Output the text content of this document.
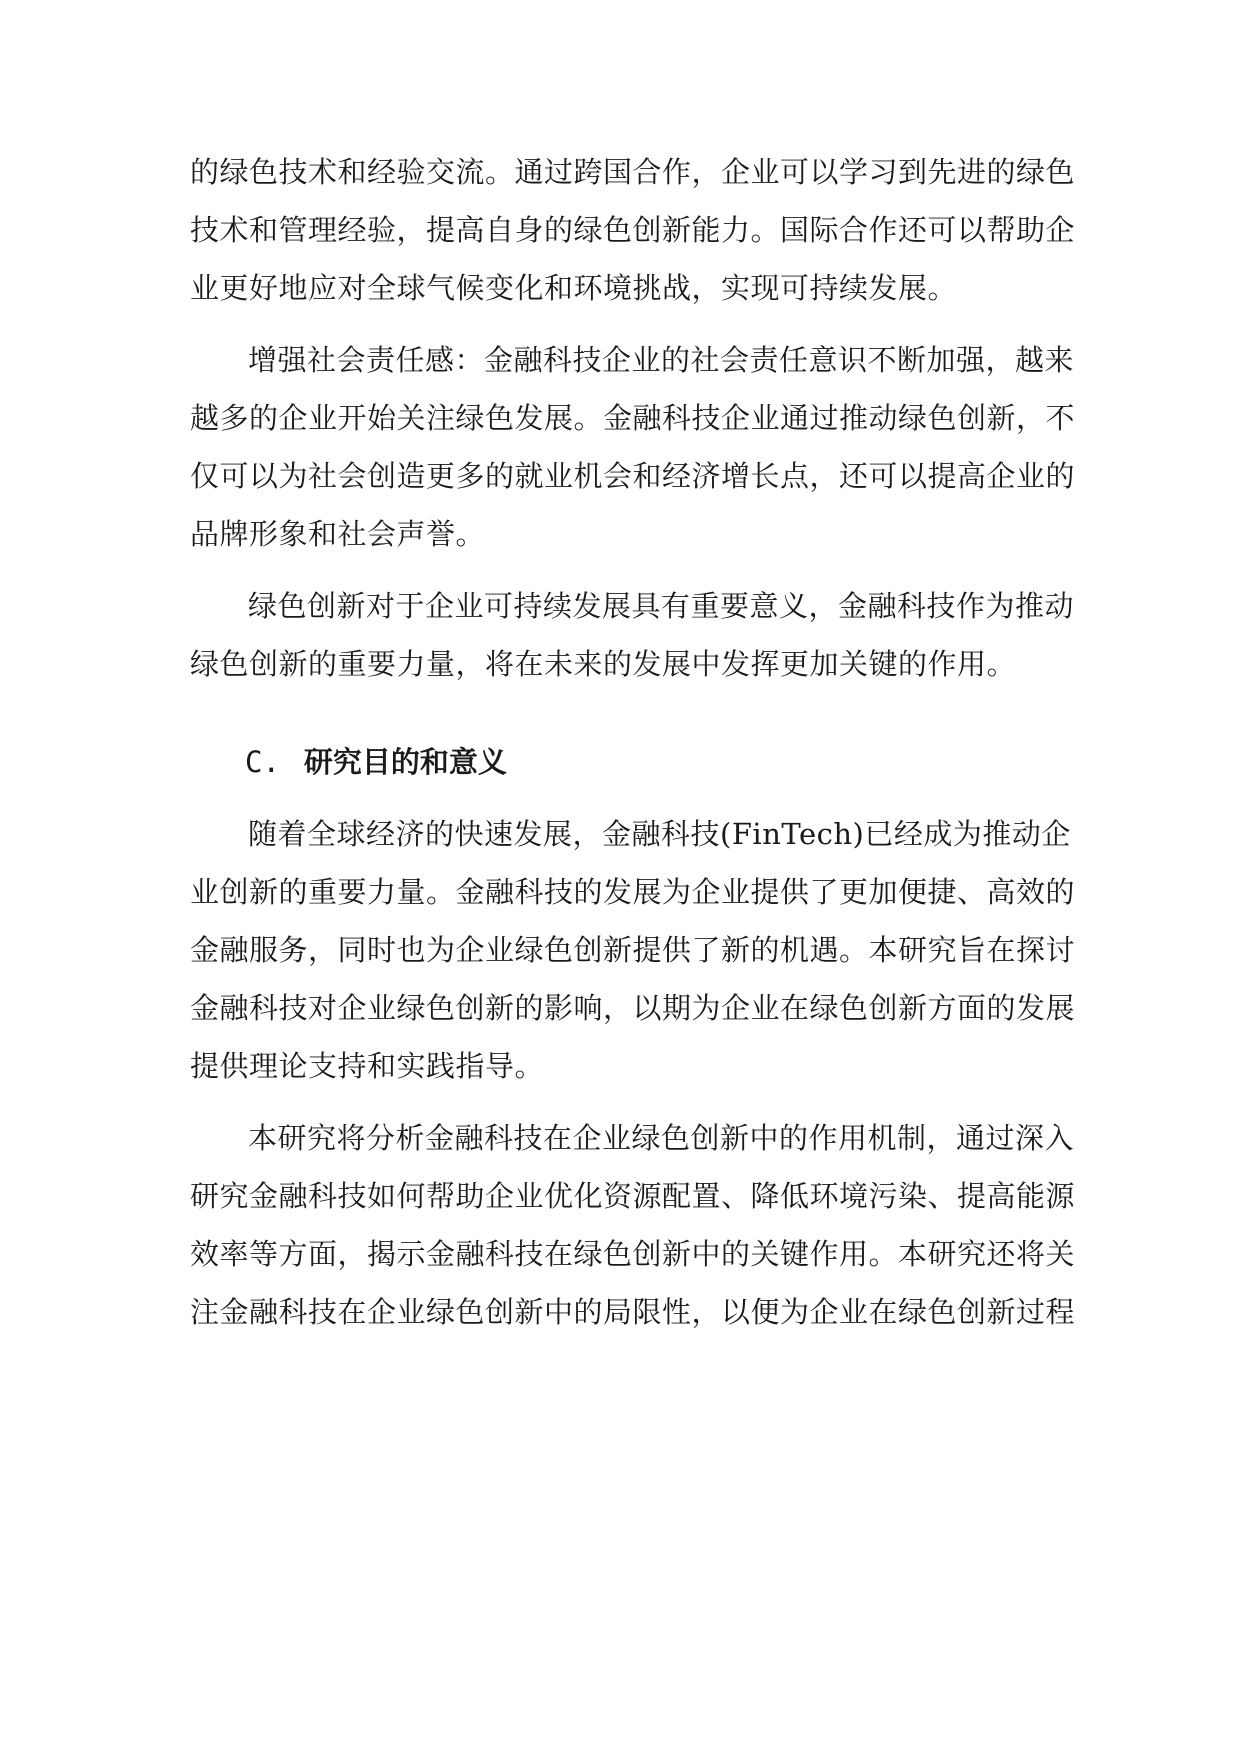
的绿色技术和经验交流。通过跨国合作，企业可以学习到先进的绿色
技术和管理经验，提高自身的绿色创新能力。国际合作还可以帮助企
业更好地应对全球气候变化和环境挑战，实现可持续发展。
增强社会责任感：金融科技企业的社会责任意识不断加强，越来
越多的企业开始关注绿色发展。金融科技企业通过推动绿色创新，不
仅可以为社会创造更多的就业机会和经济增长点，还可以提高企业的
品牌形象和社会声誉。
绿色创新对于企业可持续发展具有重要意义，金融科技作为推动
绿色创新的重要力量，将在未来的发展中发挥更加关键的作用。
C. 研究目的和意义
随着全球经济的快速发展，金融科技(FinTech)已经成为推动企
业创新的重要力量。金融科技的发展为企业提供了更加便捷、高效的
金融服务，同时也为企业绿色创新提供了新的机遇。本研究旨在探讨
金融科技对企业绿色创新的影响，以期为企业在绿色创新方面的发展
提供理论支持和实践指导。
本研究将分析金融科技在企业绿色创新中的作用机制，通过深入
研究金融科技如何帮助企业优化资源配置、降低环境污染、提高能源
效率等方面，揭示金融科技在绿色创新中的关键作用。本研究还将关
注金融科技在企业绿色创新中的局限性，以便为企业在绿色创新过程
